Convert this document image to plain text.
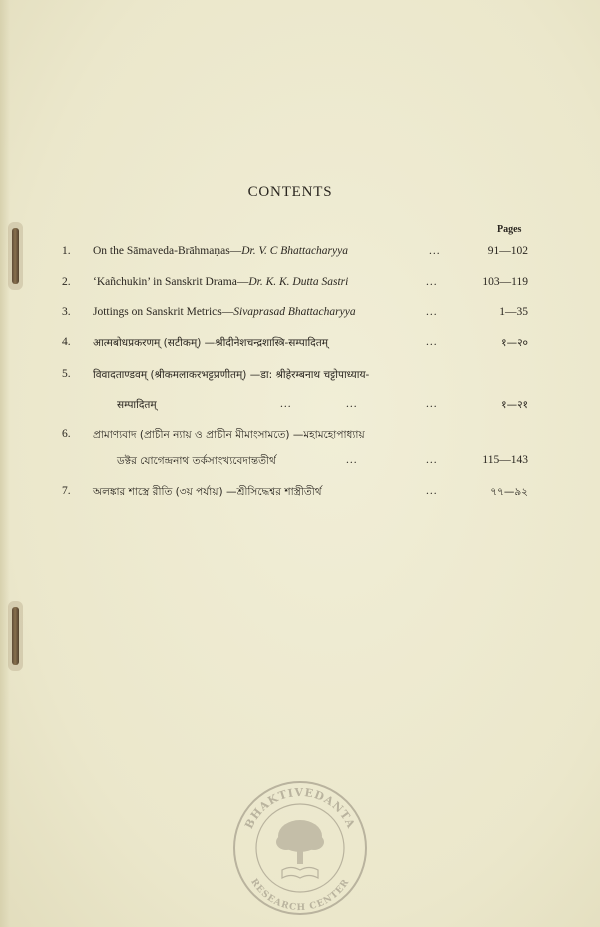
CONTENTS
Pages
1. On the Sāmaveda-Brāhmaṇas—Dr. V. C Bhattacharyya	...	91—102
2. ‘Kañchukin’ in Sanskrit Drama—Dr. K. K. Dutta Sastri	...	103—119
3. Jottings on Sanskrit Metrics—Sivaprasad Bhattacharyya	...	1—35
4. आत्मबोधप्रकरणम् (सटीकम्) —श्रीदीनेशचन्द्रशास्त्रि-सम्पादितम्	...	१—२०
5. विवादताण्डवम् (श्रीकमलाकरभट्टप्रणीतम्) —डा: श्रीहेरम्बनाथ चट्टोपाध्याय-
सम्पादितम्	...	...	...	१—२१
6. প্রামাণ্যবাদ (প্রাচীন ন্যায় ও প্রাচীন মীমাংসামতে) —মহামহোপাধ্যায়
ডক্টর যোগেন্দ্রনাথ তর্কসাংখ্যবেদান্ততীর্থ	...	...	115—143
7. অলঙ্কার শাস্ত্রে রীতি (৩য় পর্যায়) —শ্রীসিদ্ধেশ্বর শাস্ত্রীতীর্থ	...	৭৭—৯২
BHAKTIVEDANTA
RESEARCH CENTER
